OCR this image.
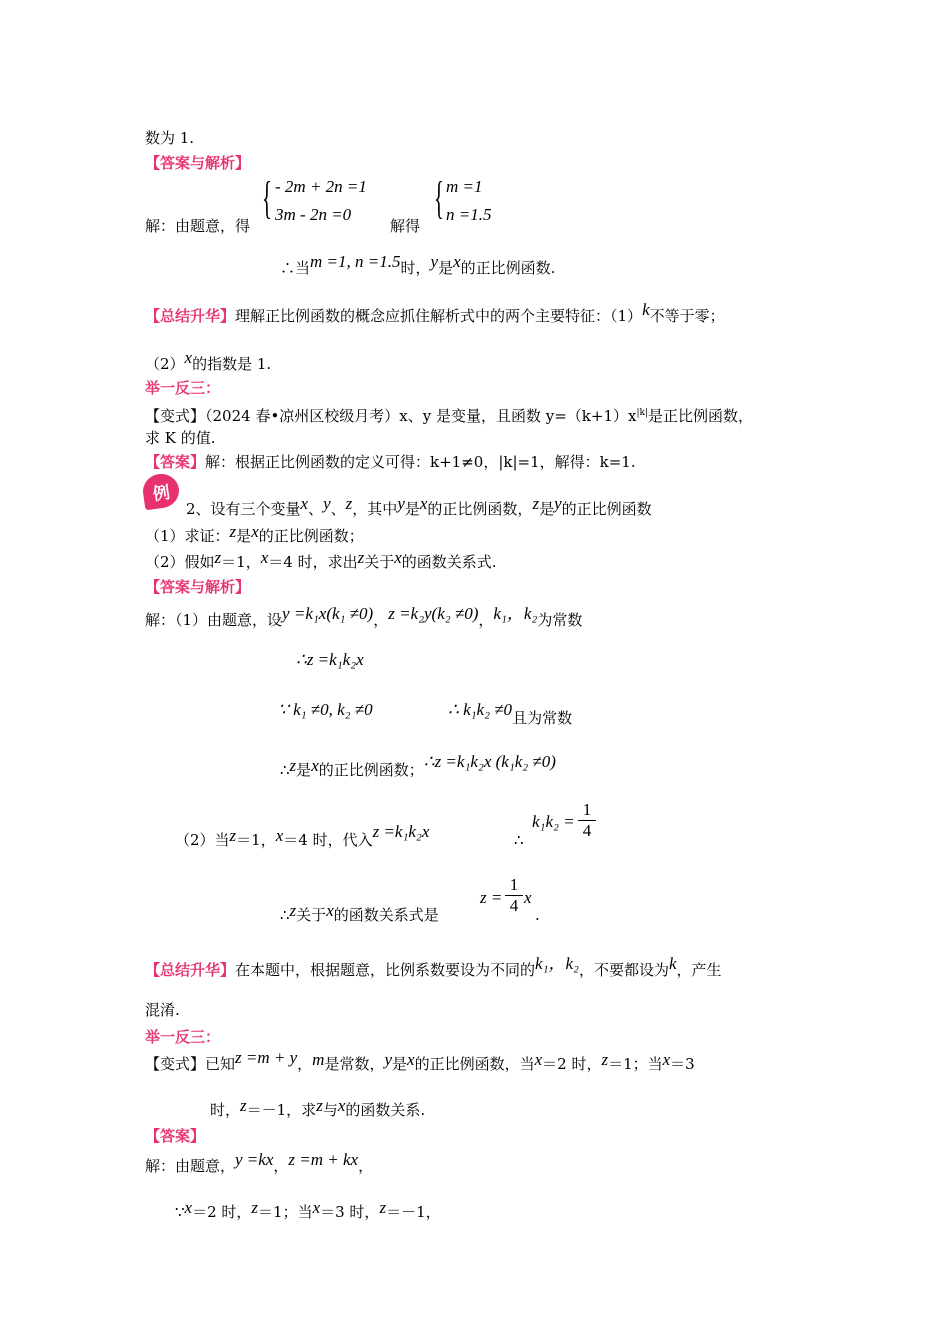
数为 1.
【答案与解析】
解：由题意，得
{ - 2m + 2n =1
3m - 2n =0
解得
{ m =1
n =1.5
∴当m =1, n =1.5时，y是x的正比例函数.
【总结升华】理解正比例函数的概念应抓住解析式中的两个主要特征：（1）k不等于零；
（2）x的指数是 1.
举一反三：
【变式】（2024 春•凉州区校级月考）x、y 是变量，且函数 $y=(k+1)x^{|k|}$是正比例函数，
求 K 的值.
【答案】解：根据正比例函数的定义可得：k+1≠0，|k|=1，解得：k=1.
例
2、设有三个变量x、y、z，其中y是x的正比例函数，z是y的正比例函数
（1）求证：z是x的正比例函数；
（2）假如z＝1，x＝4 时，求出z关于x的函数关系式.
【答案与解析】
解：（1）由题意，设y =k₁x(k₁ ≠0)，z =k₂y(k₂ ≠0)，k₁，k₂为常数
∴z =k₁k₂x
∵ k₁ ≠0, k₂ ≠0	∴ k₁k₂ ≠0且为常数
∴z是x的正比例函数；∴z =k₁k₂x (k₁k₂ ≠0)
（2）当z＝1，x＝4 时，代入z =k₁k₂x	∴
$k_1k_2 = \frac{1}{4}$
∴z关于x的函数关系式是
$z = \frac{1}{4}$ x
.
【总结升华】在本题中，根据题意，比例系数要设为不同的k₁，k₂，不要都设为k，产生
混淆.
举一反三：
【变式】已知z =m + y，m是常数，y是x的正比例函数，当x＝2 时，z＝1；当x＝3
时，z＝－1，求z与x的函数关系.
【答案】
解：由题意，y =kx，z =m + kx，
∵x＝2 时，z＝1；当x＝3 时，z＝－1，
